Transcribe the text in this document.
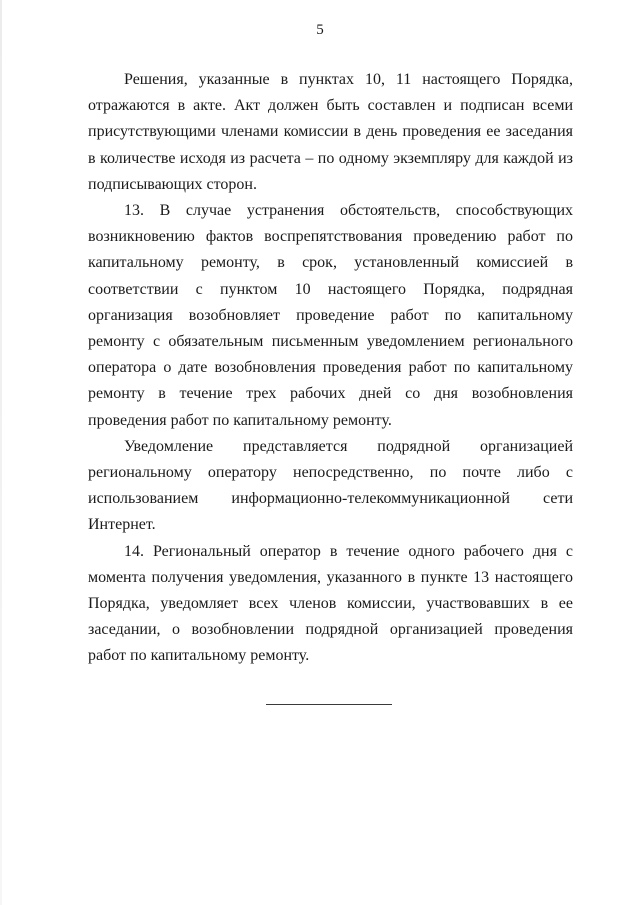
5

Решения, указанные в пунктах 10, 11 настоящего Порядка, отражаются в акте. Акт должен быть составлен и подписан всеми присутствующими членами комиссии в день проведения ее заседания в количестве исходя из расчета – по одному экземпляру для каждой из подписывающих сторон.

13. В случае устранения обстоятельств, способствующих возникновению фактов воспрепятствования проведению работ по капитальному ремонту, в срок, установленный комиссией в соответствии с пунктом 10 настоящего Порядка, подрядная организация возобновляет проведение работ по капитальному ремонту с обязательным письменным уведомлением регионального оператора о дате возобновления проведения работ по капитальному ремонту в течение трех рабочих дней со дня возобновления проведения работ по капитальному ремонту.

Уведомление представляется подрядной организацией региональному оператору непосредственно, по почте либо с использованием информационно-телекоммуникационной сети Интернет.

14. Региональный оператор в течение одного рабочего дня с момента получения уведомления, указанного в пункте 13 настоящего Порядка, уведомляет всех членов комиссии, участвовавших в ее заседании, о возобновлении подрядной организацией проведения работ по капитальному ремонту.
